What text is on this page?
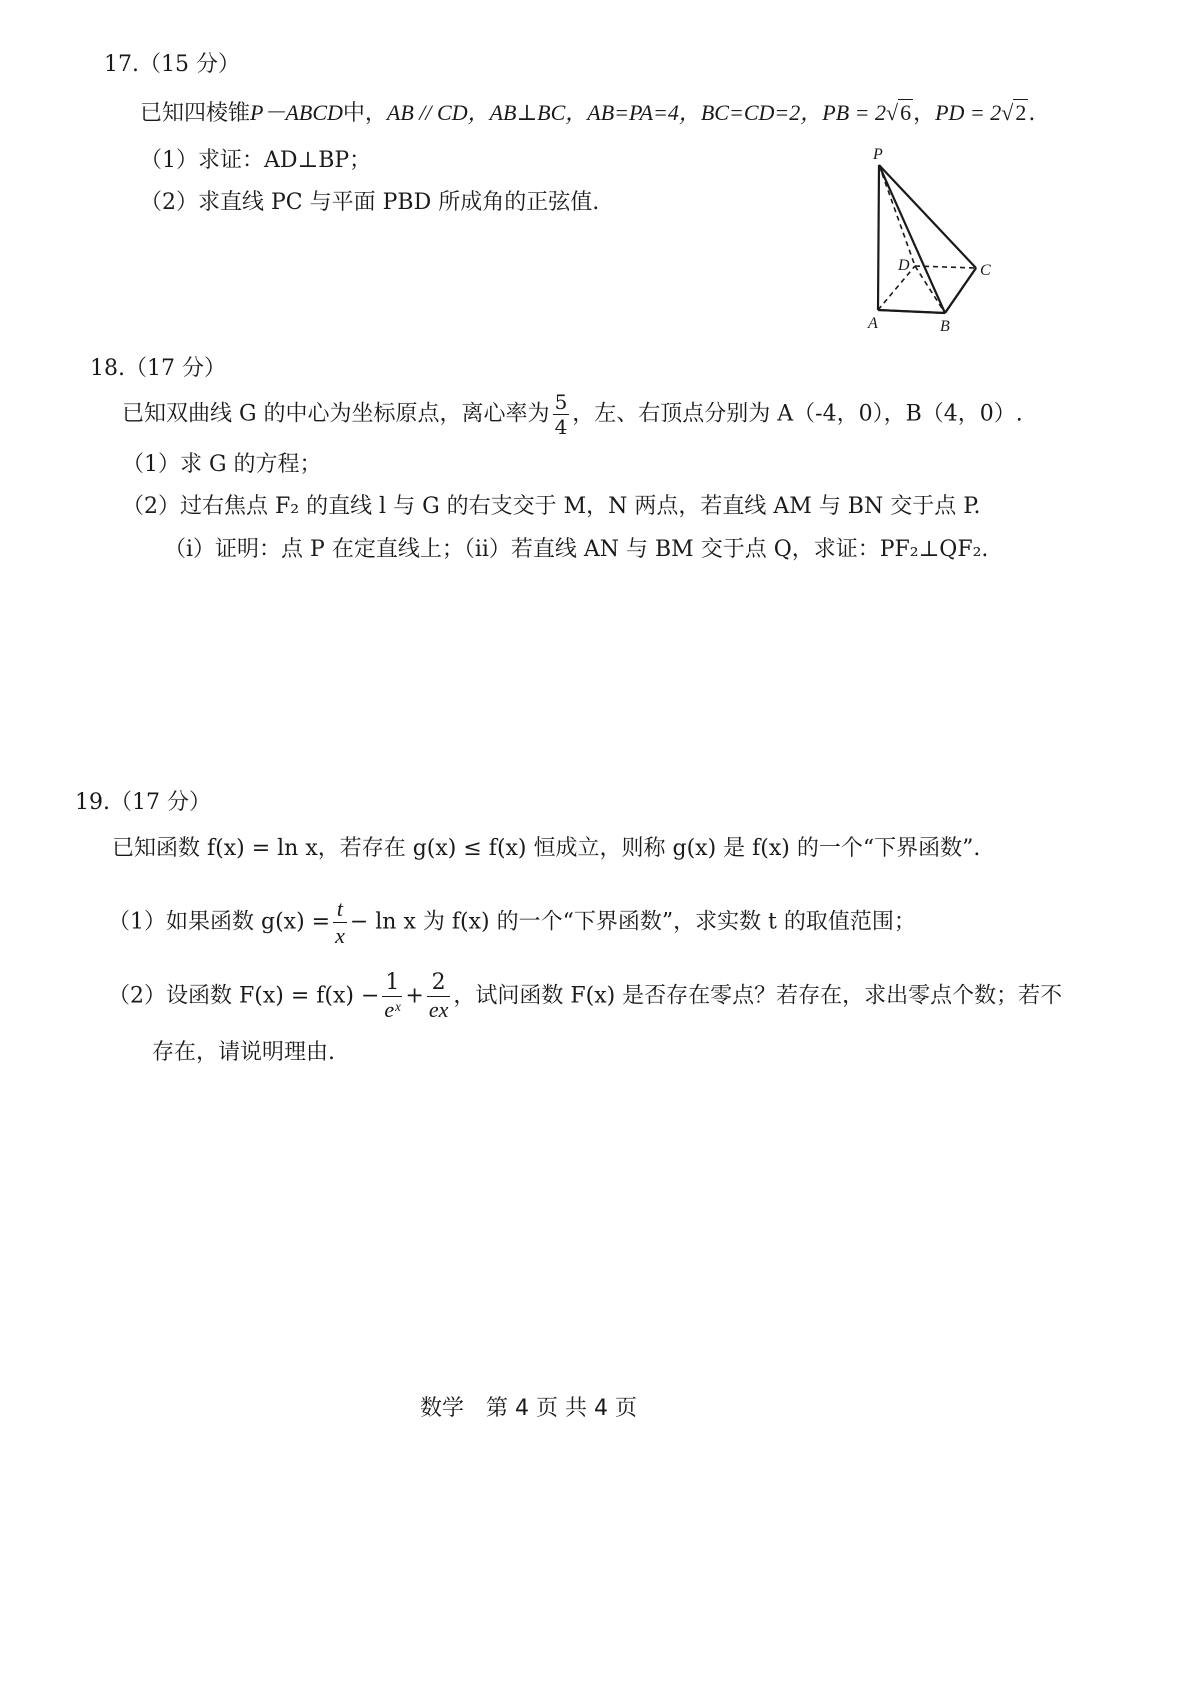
17.（15 分）
已知四棱锥P－ABCD中，AB // CD，AB⊥BC，AB=PA=4，BC=CD=2，PB = 2√6，PD = 2√2.
（1）求证：AD⊥BP；
（2）求直线 PC 与平面 PBD 所成角的正弦值.
P
A	B
C
D
18.（17 分）
已知双曲线 G 的中心为坐标原点，离心率为 $\frac{5}{4}$ ，左、右顶点分别为 A（-4，0），B（4，0）.
（1）求 G 的方程；
（2）过右焦点 F₂ 的直线 l 与 G 的右支交于 M，N 两点，若直线 AM 与 BN 交于点 P.
（i）证明：点 P 在定直线上；（ii）若直线 AN 与 BM 交于点 Q，求证：PF₂⊥QF₂.
19.（17 分）
已知函数 f(x) = ln x，若存在 g(x) ≤ f(x) 恒成立，则称 g(x) 是 f(x) 的一个“下界函数”.
（1）如果函数 $g(x) = \frac{t}{x} - \ln x$ 为 f(x) 的一个“下界函数”，求实数 t 的取值范围；
（2）设函数 $F(x) = f(x) - \frac{1}{\text{eˣ}} + \frac{2}{ex}$ ，试问函数 F(x) 是否存在零点？若存在，求出零点个数；若不
存在，请说明理由.
数学　第 4 页 共 4 页
